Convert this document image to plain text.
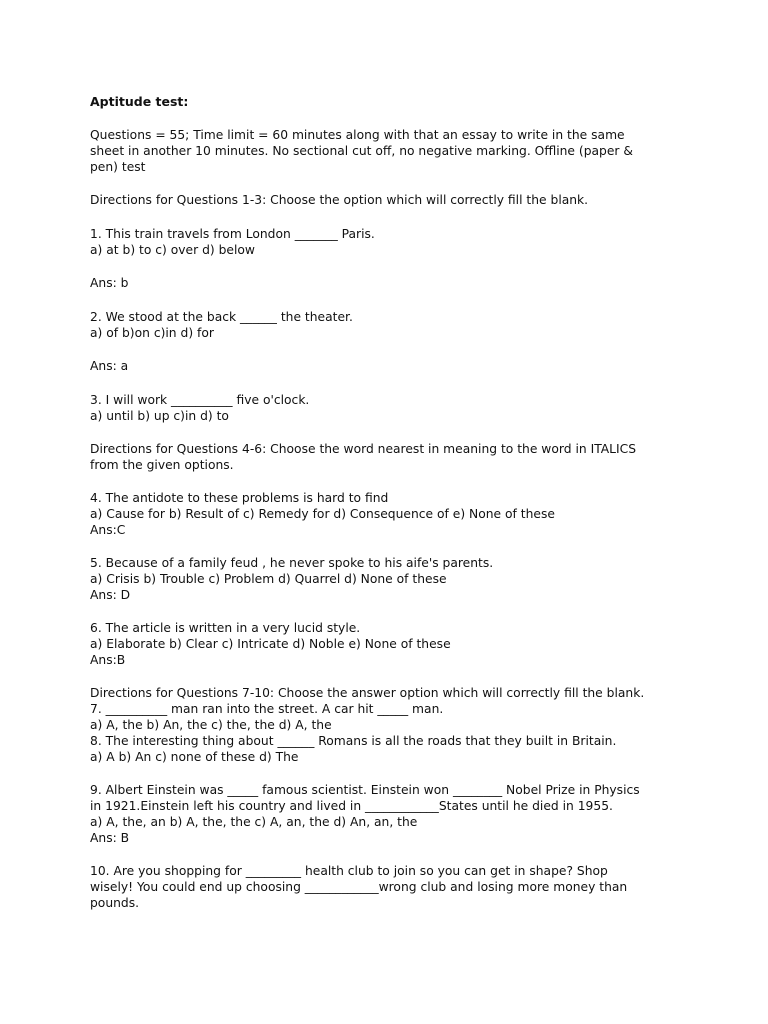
Aptitude test:

Questions = 55; Time limit = 60 minutes along with that an essay to write in the same

sheet in another 10 minutes. No sectional cut off, no negative marking. Offline (paper &

pen) test

Directions for Questions 1-3: Choose the option which will correctly fill the blank.

1. This train travels from London _______ Paris.

a) at b) to c) over d) below

Ans: b

2. We stood at the back ______ the theater.

a) of b)on c)in d) for

Ans: a

3. I will work __________ five o'clock.

a) until b) up c)in d) to

Directions for Questions 4-6: Choose the word nearest in meaning to the word in ITALICS

from the given options.

4. The antidote to these problems is hard to find

a) Cause for b) Result of c) Remedy for d) Consequence of e) None of these

Ans:C

5. Because of a family feud , he never spoke to his aife's parents.

a) Crisis b) Trouble c) Problem d) Quarrel d) None of these

Ans: D

6. The article is written in a very lucid style.

a) Elaborate b) Clear c) Intricate d) Noble e) None of these

Ans:B

Directions for Questions 7-10: Choose the answer option which will correctly fill the blank.

7. __________ man ran into the street. A car hit _____ man.

a) A, the b) An, the c) the, the d) A, the

8. The interesting thing about ______ Romans is all the roads that they built in Britain.

a) A b) An c) none of these d) The

9. Albert Einstein was _____ famous scientist. Einstein won ________ Nobel Prize in Physics

in 1921.Einstein left his country and lived in ____________States until he died in 1955.

a) A, the, an b) A, the, the c) A, an, the d) An, an, the

Ans: B

10. Are you shopping for _________ health club to join so you can get in shape? Shop

wisely! You could end up choosing ____________wrong club and losing more money than

pounds.
